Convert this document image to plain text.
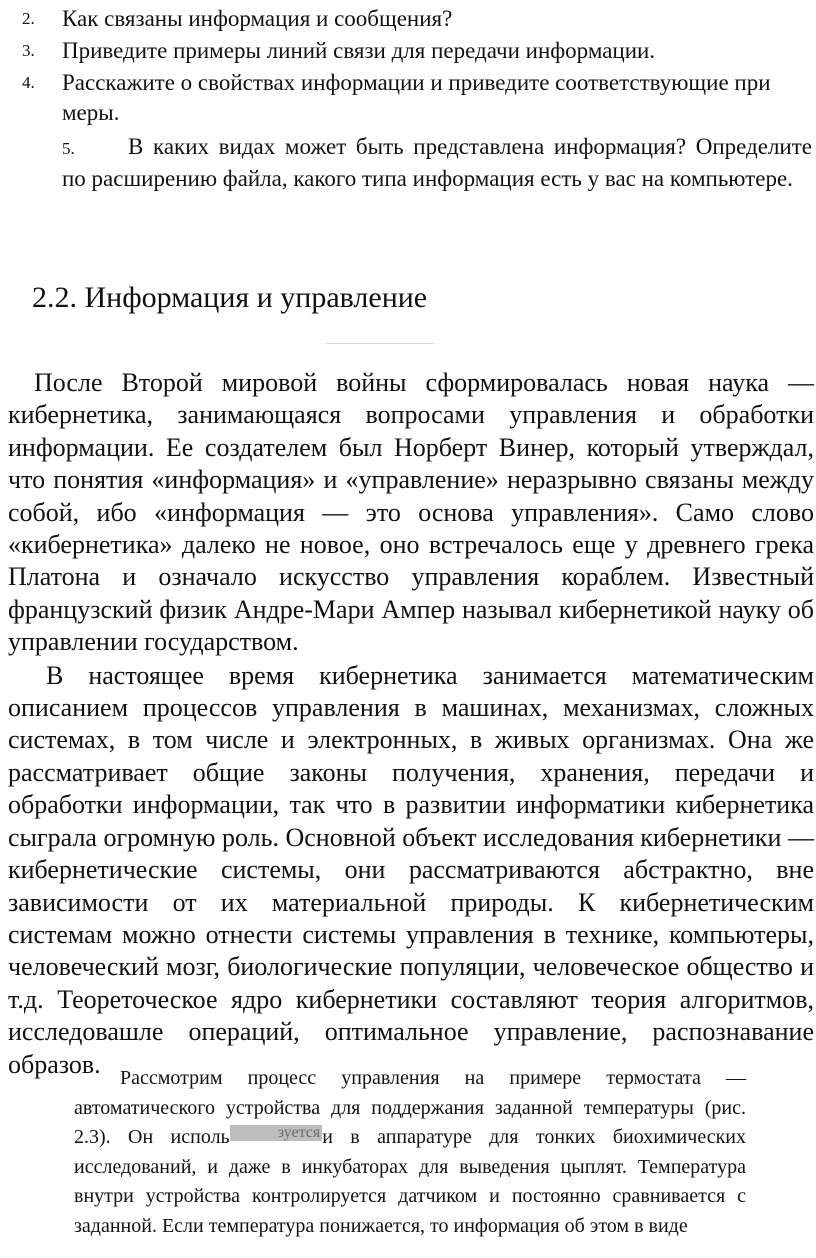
2. Как связаны информация и сообщения?
3. Приведите примеры линий связи для передачи информации.
4. Расскажите о свойствах информации и приведите соответствующие при меры.
5. В каких видах может быть представлена информация? Определите по расширению файла, какого типа информация есть у вас на компьютере.
2.2. Информация и управление

После Второй мировой войны сформировалась новая наука — кибернетика, занимающаяся вопросами управления и обработки информации. Ее создателем был Норберт Винер, который утверждал, что понятия «информация» и «управление» неразрывно связаны между собой, ибо «информация — это основа управления». Само слово «кибернетика» далеко не новое, оно встречалось еще у древнего грека Платона и означало искусство управления кораблем. Известный французский физик Андре-Мари Ампер называл кибернетикой науку об управлении государством.

В настоящее время кибернетика занимается математическим описанием процессов управления в машинах, механизмах, сложных системах, в том числе и электронных, в живых организмах. Она же рассматривает общие законы получения, хранения, передачи и обработки информации, так что в развитии информатики кибернетика сыграла огромную роль. Основной объект исследования кибернетики — кибернетические системы, они рассматриваются абстрактно, вне зависимости от их материальной природы. К кибернетическим системам можно отнести системы управления в технике, компьютеры, человеческий мозг, биологические популяции, человеческое общество и т.д. Теореточеское ядро кибернетики составляют теория алгоритмов, исследовашле операций, оптимальное управление, распознавание образов. Рассмотрим процесс управления на примере термостата — автоматического устройства для поддержания заданной температуры (рис. 2.3). Он исполь	зуется и в аппаратуре для тонких биохимических исследований, и даже в инкубаторах для выведения цыплят. Температура внутри устройства контролируется датчиком и постоянно сравнивается с заданной. Если температура понижается, то информация об этом в виде
